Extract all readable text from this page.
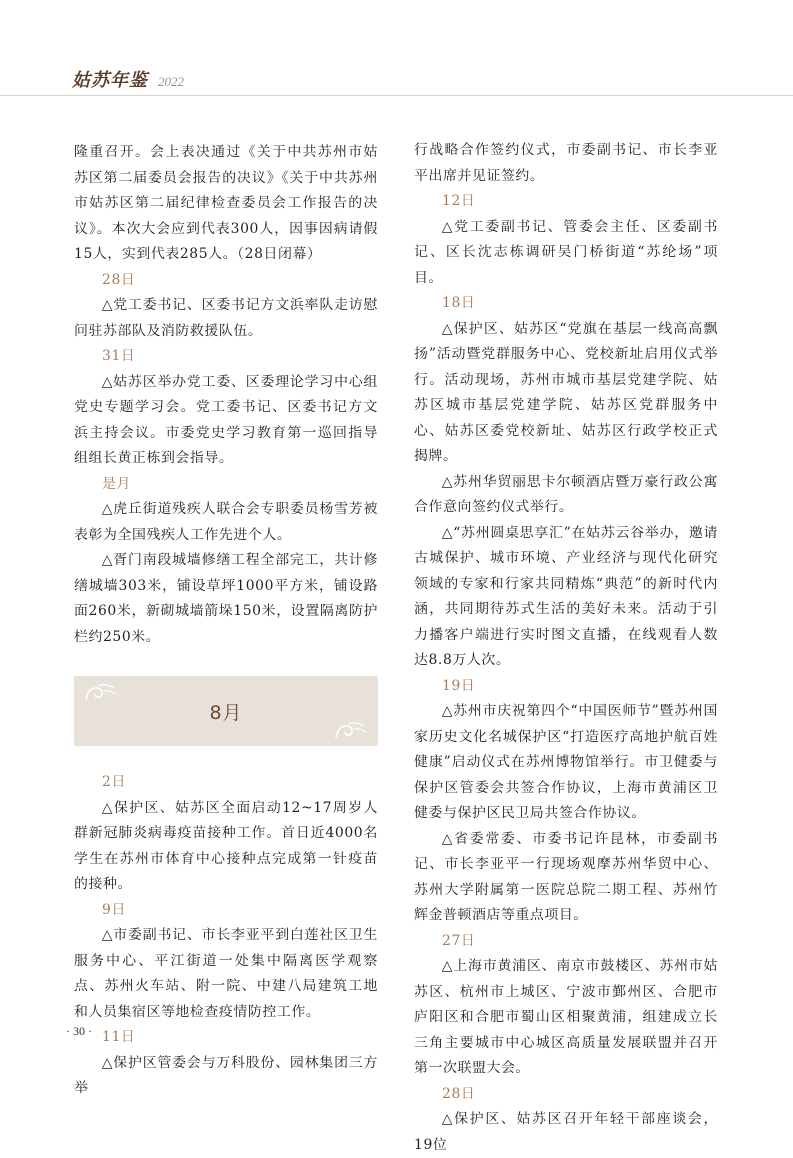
姑苏年鉴 2022

隆重召开。会上表决通过《关于中共苏州市姑苏区第二届委员会报告的决议》《关于中共苏州市姑苏区第二届纪律检查委员会工作报告的决议》。本次大会应到代表300人，因事因病请假15人，实到代表285人。（28日闭幕）

28日

△党工委书记、区委书记方文浜率队走访慰问驻苏部队及消防救援队伍。

31日

△姑苏区举办党工委、区委理论学习中心组党史专题学习会。党工委书记、区委书记方文浜主持会议。市委党史学习教育第一巡回指导组组长黄正栋到会指导。

是月

△虎丘街道残疾人联合会专职委员杨雪芳被表彰为全国残疾人工作先进个人。

△胥门南段城墙修缮工程全部完工，共计修缮城墙303米，铺设草坪1000平方米，铺设路面260米，新砌城墙箭垛150米，设置隔离防护栏约250米。

8月

2日

△保护区、姑苏区全面启动12~17周岁人群新冠肺炎病毒疫苗接种工作。首日近4000名学生在苏州市体育中心接种点完成第一针疫苗的接种。

9日

△市委副书记、市长李亚平到白莲社区卫生服务中心、平江街道一处集中隔离医学观察点、苏州火车站、附一院、中建八局建筑工地和人员集宿区等地检查疫情防控工作。

11日

△保护区管委会与万科股份、园林集团三方举

行战略合作签约仪式，市委副书记、市长李亚平出席并见证签约。

12日

△党工委副书记、管委会主任、区委副书记、区长沈志栋调研吴门桥街道“苏纶场”项目。

18日

△保护区、姑苏区“党旗在基层一线高高飘扬”活动暨党群服务中心、党校新址启用仪式举行。活动现场，苏州市城市基层党建学院、姑苏区城市基层党建学院、姑苏区党群服务中心、姑苏区委党校新址、姑苏区行政学校正式揭牌。

△苏州华贸丽思卡尔顿酒店暨万豪行政公寓合作意向签约仪式举行。

△“苏州圆桌思享汇”在姑苏云谷举办，邀请古城保护、城市环境、产业经济与现代化研究领域的专家和行家共同精炼“典范”的新时代内涵，共同期待苏式生活的美好未来。活动于引力播客户端进行实时图文直播，在线观看人数达8.8万人次。

19日

△苏州市庆祝第四个“中国医师节”暨苏州国家历史文化名城保护区“打造医疗高地护航百姓健康”启动仪式在苏州博物馆举行。市卫健委与保护区管委会共签合作协议，上海市黄浦区卫健委与保护区民卫局共签合作协议。

△省委常委、市委书记许昆林，市委副书记、市长李亚平一行现场观摩苏州华贸中心、苏州大学附属第一医院总院二期工程、苏州竹辉金普顿酒店等重点项目。

27日

△上海市黄浦区、南京市鼓楼区、苏州市姑苏区、杭州市上城区、宁波市鄞州区、合肥市庐阳区和合肥市蜀山区相聚黄浦，组建成立长三角主要城市中心城区高质量发展联盟并召开第一次联盟大会。

28日

△保护区、姑苏区召开年轻干部座谈会，19位

· 30 ·
